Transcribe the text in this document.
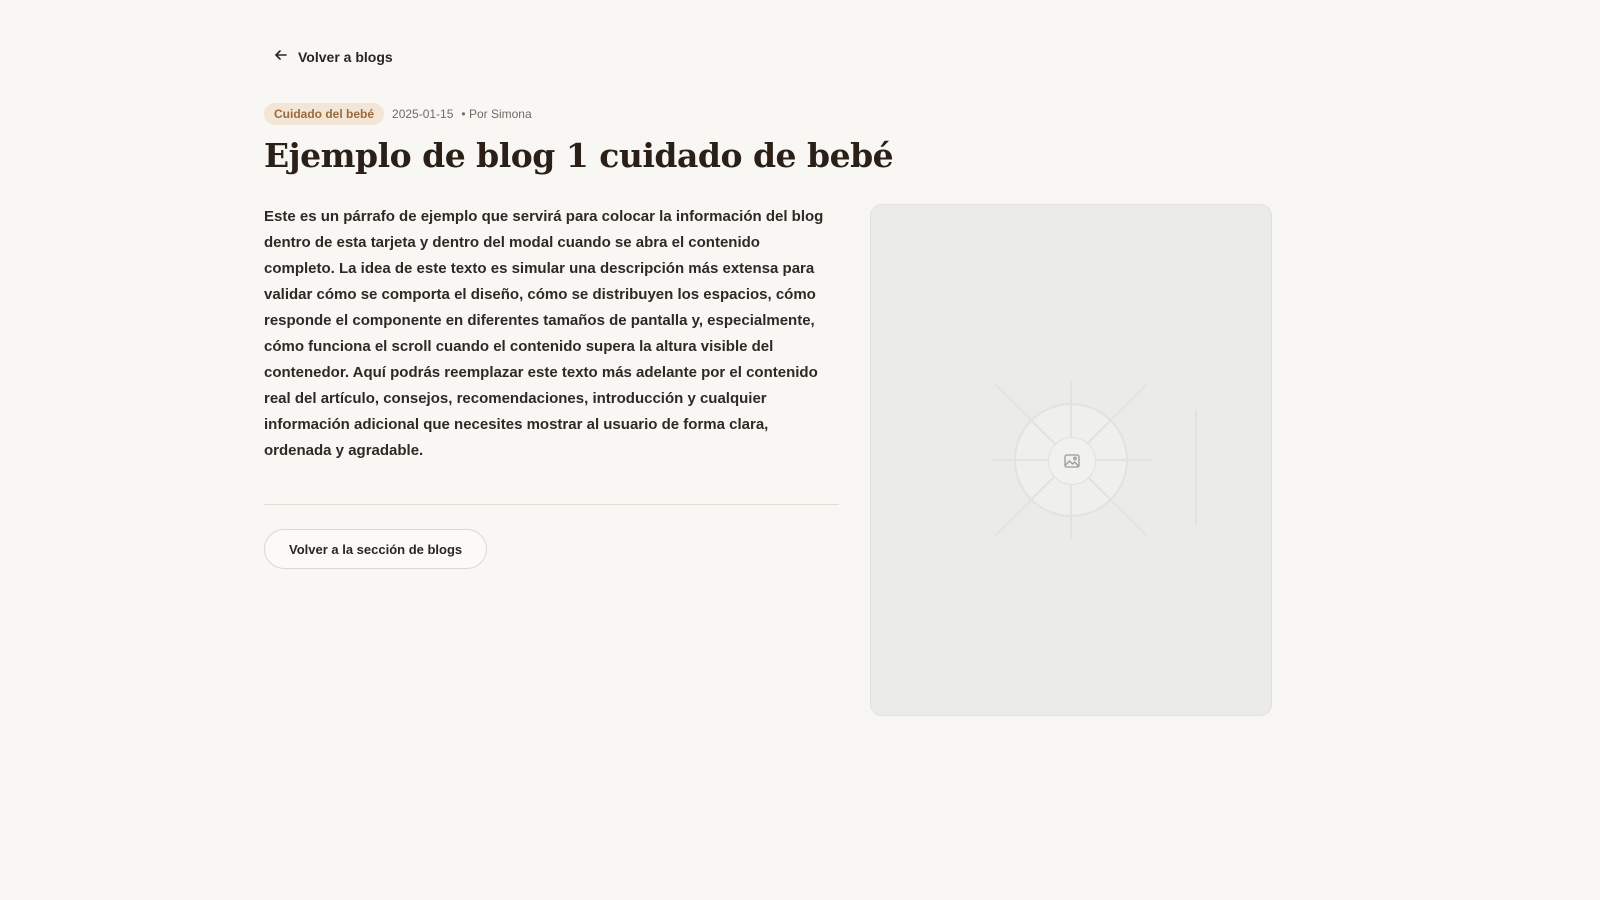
Volver a blogs
Cuidado del bebé	2025-01-15 • Por Simona
Ejemplo de blog 1 cuidado de bebé

Este es un párrafo de ejemplo que servirá para colocar la información del blog dentro de esta tarjeta y dentro del modal cuando se abra el contenido completo. La idea de este texto es simular una descripción más extensa para validar cómo se comporta el diseño, cómo se distribuyen los espacios, cómo responde el componente en diferentes tamaños de pantalla y, especialmente, cómo funciona el scroll cuando el contenido supera la altura visible del contenedor. Aquí podrás reemplazar este texto más adelante por el contenido real del artículo, consejos, recomendaciones, introducción y cualquier información adicional que necesites mostrar al usuario de forma clara, ordenada y agradable.

Volver a la sección de blogs
